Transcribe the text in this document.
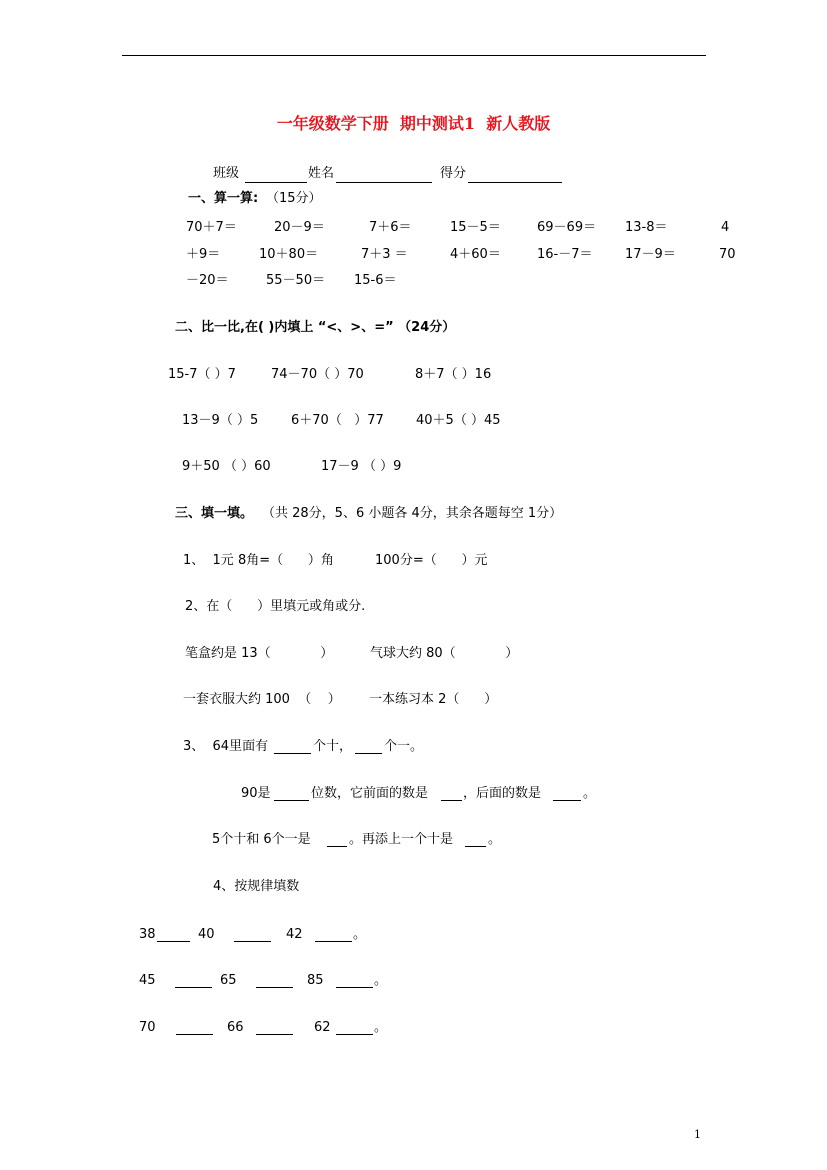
一年级数学下册  期中测试1  新人教版
班级	姓名	得分
一、算一算: （15分）
70＋7＝	20－9＝	7＋6＝	15－5＝	69－69＝ 13-8＝	4
＋9＝	10＋80＝	7＋3 ＝	4＋60＝	16-－7＝ 17－9＝	70
－20＝	55－50＝ 15-6＝
二、比一比,在( )内填上 “<、>、=” （24分）
15-7（ ）7	74－70（ ）70	8＋7（ ）16
13－9（ ）5	6＋70（   ）77 40＋5（ ）45
9＋50 （ ）60	17－9 （ ）9
三、填一填。 （共 28分，5、6 小题各 4分，其余各题每空 1分）
1、  1元 8角=（      ）角	100分=（      ）元
2、在（      ）里填元或角或分.
笔盒约是 13（            ）	气球大约 80（            ）
一套衣服大约 100  （    ） 一本练习本 2（      ）
3、  64里面有	个十， 个一。
90是	位数，它前面的数是	，后面的数是	。
5个十和 6个一是	。再添上一个十是	。
4、按规律填数
38	40	42	。
45	65	85	。
70	66	62	。
1
